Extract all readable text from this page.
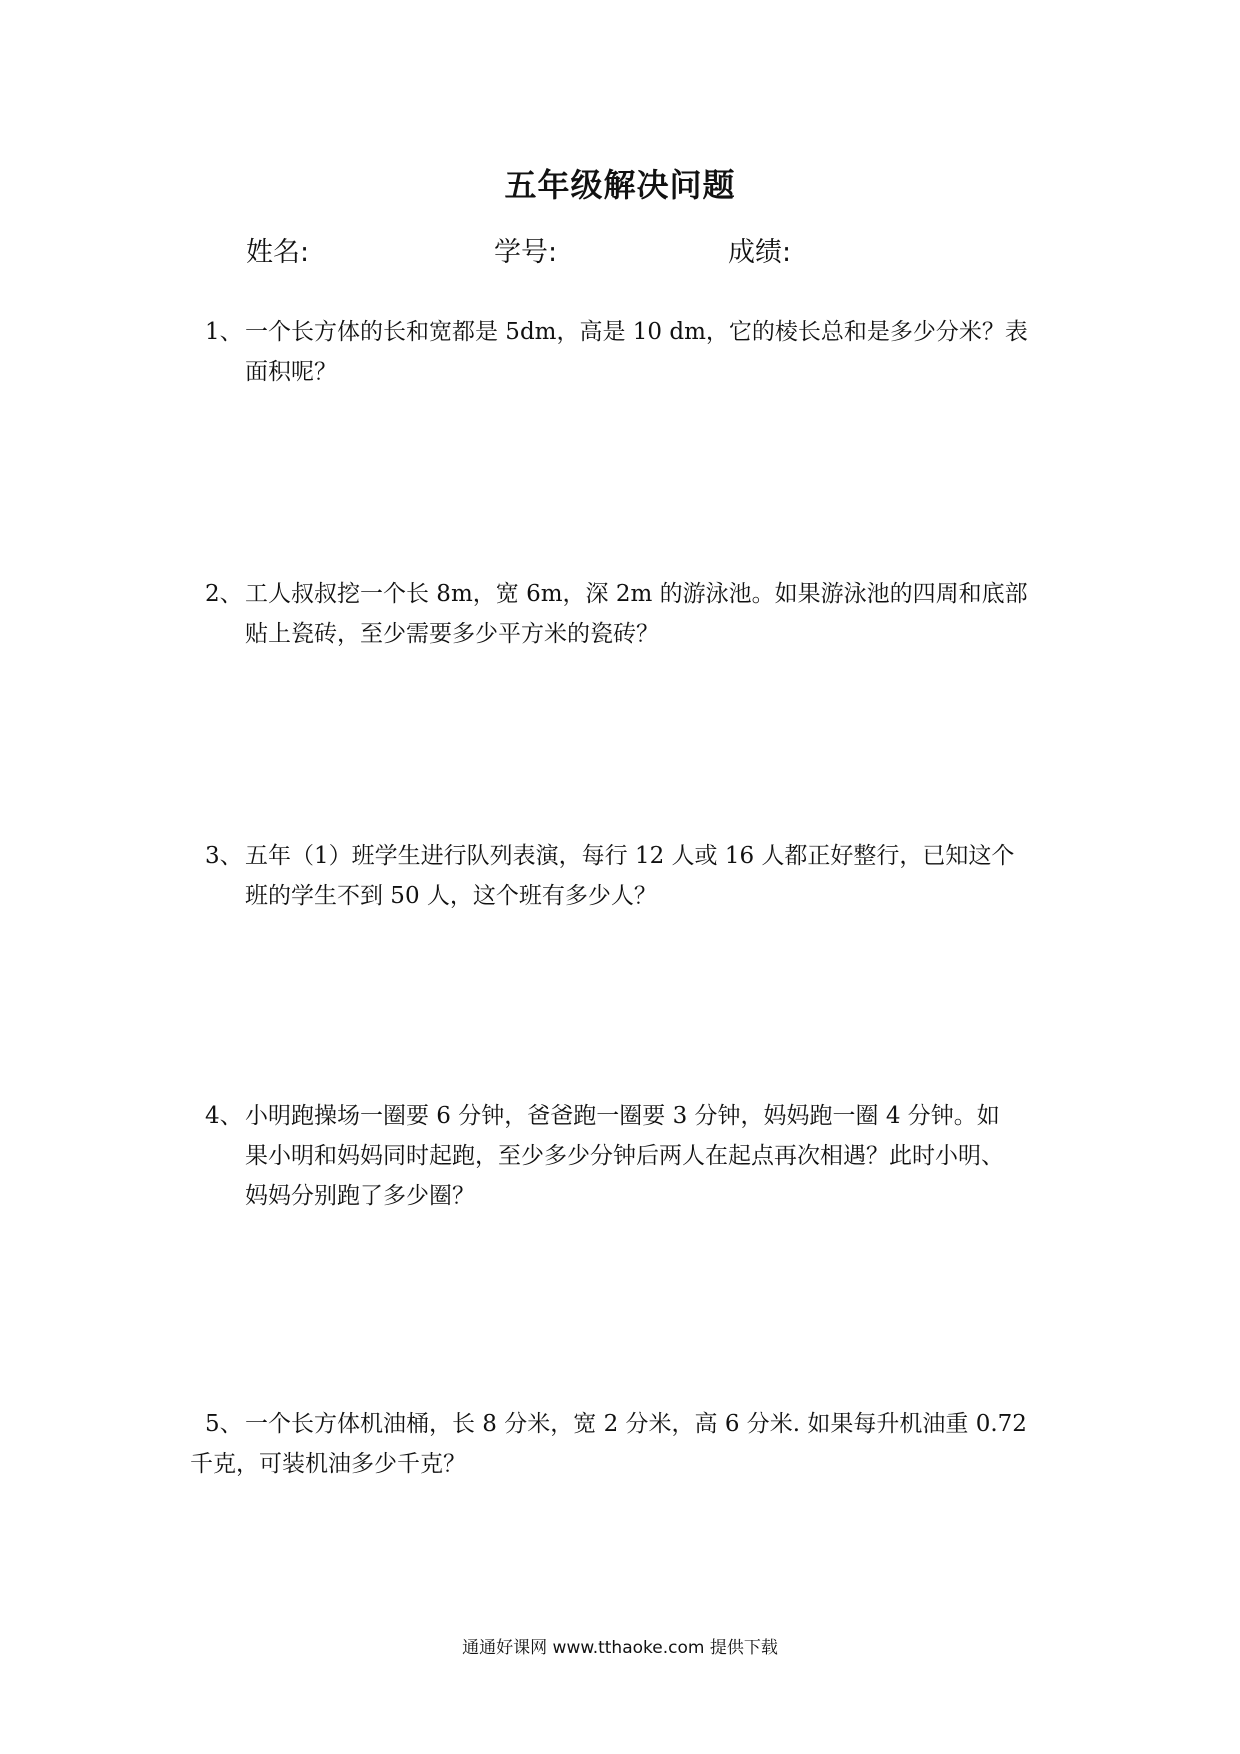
五年级解决问题
姓名:	学号:	成绩:
1、 一个长方体的长和宽都是 5dm，高是 10 dm，它的棱长总和是多少分米？表
面积呢？
2、 工人叔叔挖一个长 8m，宽 6m，深 2m 的游泳池。如果游泳池的四周和底部
贴上瓷砖，至少需要多少平方米的瓷砖？
3、 五年（1）班学生进行队列表演，每行 12 人或 16 人都正好整行，已知这个
班的学生不到 50 人，这个班有多少人？
4、 小明跑操场一圈要 6 分钟，爸爸跑一圈要 3 分钟，妈妈跑一圈 4 分钟。如
果小明和妈妈同时起跑，至少多少分钟后两人在起点再次相遇？此时小明、
妈妈分别跑了多少圈？
5、 一个长方体机油桶，长 8 分米，宽 2 分米，高 6 分米. 如果每升机油重 0.72
千克，可装机油多少千克？
通通好课网 www.tthaoke.com 提供下载
